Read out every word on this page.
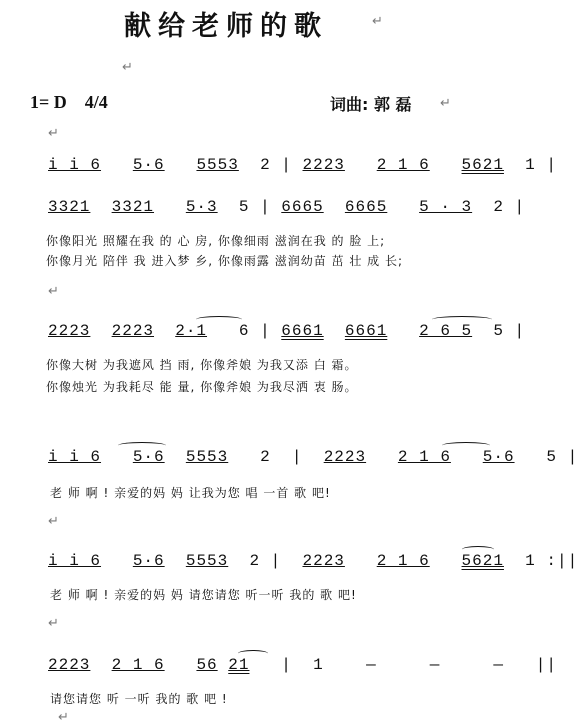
献给老师的歌	↵
↵
1= D 4/4	词曲: 郭 磊 ↵
↵
i i 6 5·6 5553 2 | 2223 2 1 6 5621 1 |
3321 3321 5·3 5 | 6665 6665 5 · 3 2 |
你像阳光 照耀在我 的 心 房, 你像细雨 滋润在我 的 脸 上;
你像月光 陪伴 我 进入梦 乡, 你像雨露 滋润幼苗 茁 壮 成 长;
↵
2223 2223 2·1 6 | 6661 6661 2 6 5 5 |
你像大树 为我遮风 挡 雨, 你像斧娘 为我又添 白 霜。
你像烛光 为我耗尽 能 量, 你像斧娘 为我尽洒 衷 肠。
i i 6 5·6 5553 2 | 2223 2 1 6 5·6 5 |
老 师 啊 ! 亲爱的妈 妈 让我为您 唱 一首 歌 吧!
↵
i i 6 5·6 5553 2 | 2223 2 1 6 5621 1 :||
老 师 啊 ! 亲爱的妈 妈 请您请您 听一听 我的 歌 吧!
↵
2223 2 1 6 56 21 | 1	—	—	— ||
请您请您 听 一听 我的 歌 吧 !
↵
